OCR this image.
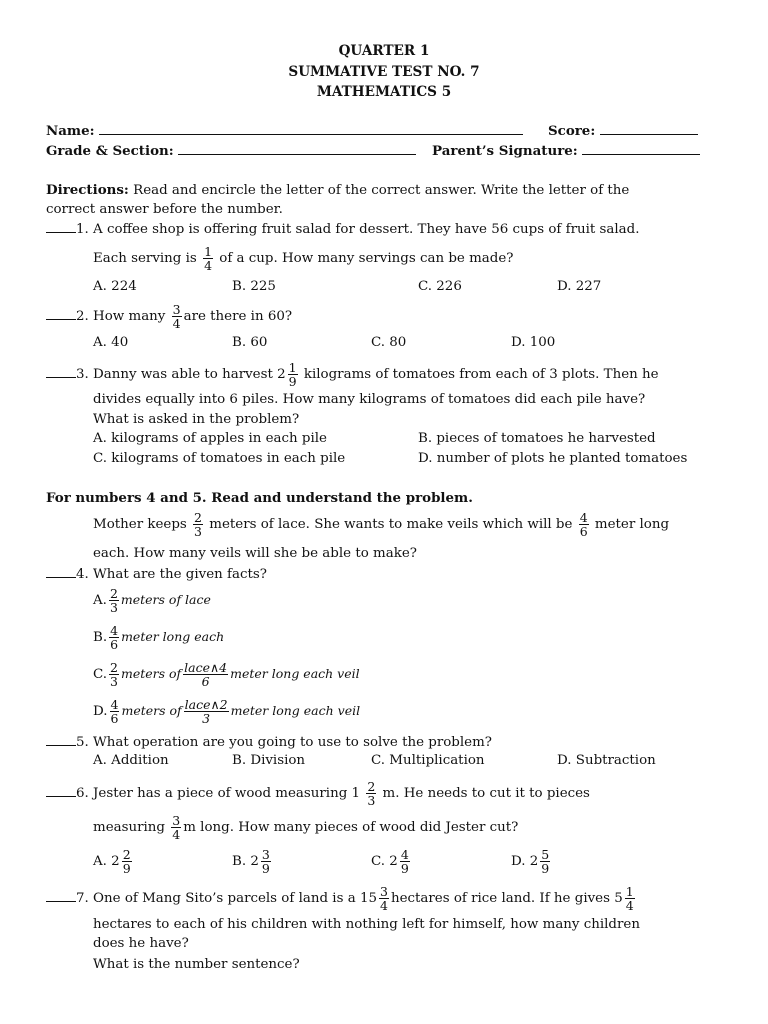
QUARTER 1
SUMMATIVE TEST NO. 7
MATHEMATICS 5
Name:	Score:
Grade & Section:	Parent’s Signature:
Directions: Read and encircle the letter of the correct answer. Write the letter of the
correct answer before the number.
1. A coffee shop is offering fruit salad for dessert. They have 56 cups of fruit salad.
Each serving is $\frac{1}{4}$ of a cup. How many servings can be made?
A. 224	B. 225	C. 226	D. 227
2. How many $\frac{3}{4}$ are there in 60?
A. 40	B. 60	C. 80	D. 100
3. Danny was able to harvest $2 \frac{1}{9}$ kilograms of tomatoes from each of 3 plots. Then he
divides equally into 6 piles. How many kilograms of tomatoes did each pile have?
What is asked in the problem?
A. kilograms of apples in each pile	B. pieces of tomatoes he harvested
C. kilograms of tomatoes in each pile	D. number of plots he planted tomatoes
For numbers 4 and 5. Read and understand the problem.
Mother keeps $\frac{2}{3}$ meters of lace. She wants to make veils which will be $\frac{4}{6}$ meter long
each. How many veils will she be able to make?
4. What are the given facts?
A. $\frac{2}{3}$ meters of lace
B. $\frac{4}{6}$ meter long each
C. $\frac{2}{3}$ meters of lace∧4
6
meter long each veil
D. $\frac{4}{6}$ meters of lace∧2
3
meter long each veil
5. What operation are you going to use to solve the problem?
A. Addition	B. Division	C. Multiplication	D. Subtraction
6. Jester has a piece of wood measuring $1 \frac{2}{3} m$. He needs to cut it to pieces
measuring $\frac{3}{4}$ m long. How many pieces of wood did Jester cut?
A. $2 \frac{2}{9}$	B. $2 \frac{3}{9}$	C. $2 \frac{4}{9}$	D. $2 \frac{5}{9}$
7. One of Mang Sito’s parcels of land is a $15 \frac{3}{4}$ hectares of rice land. If he gives $5 \frac{1}{4}$
hectares to each of his children with nothing left for himself, how many children
does he have?
What is the number sentence?
